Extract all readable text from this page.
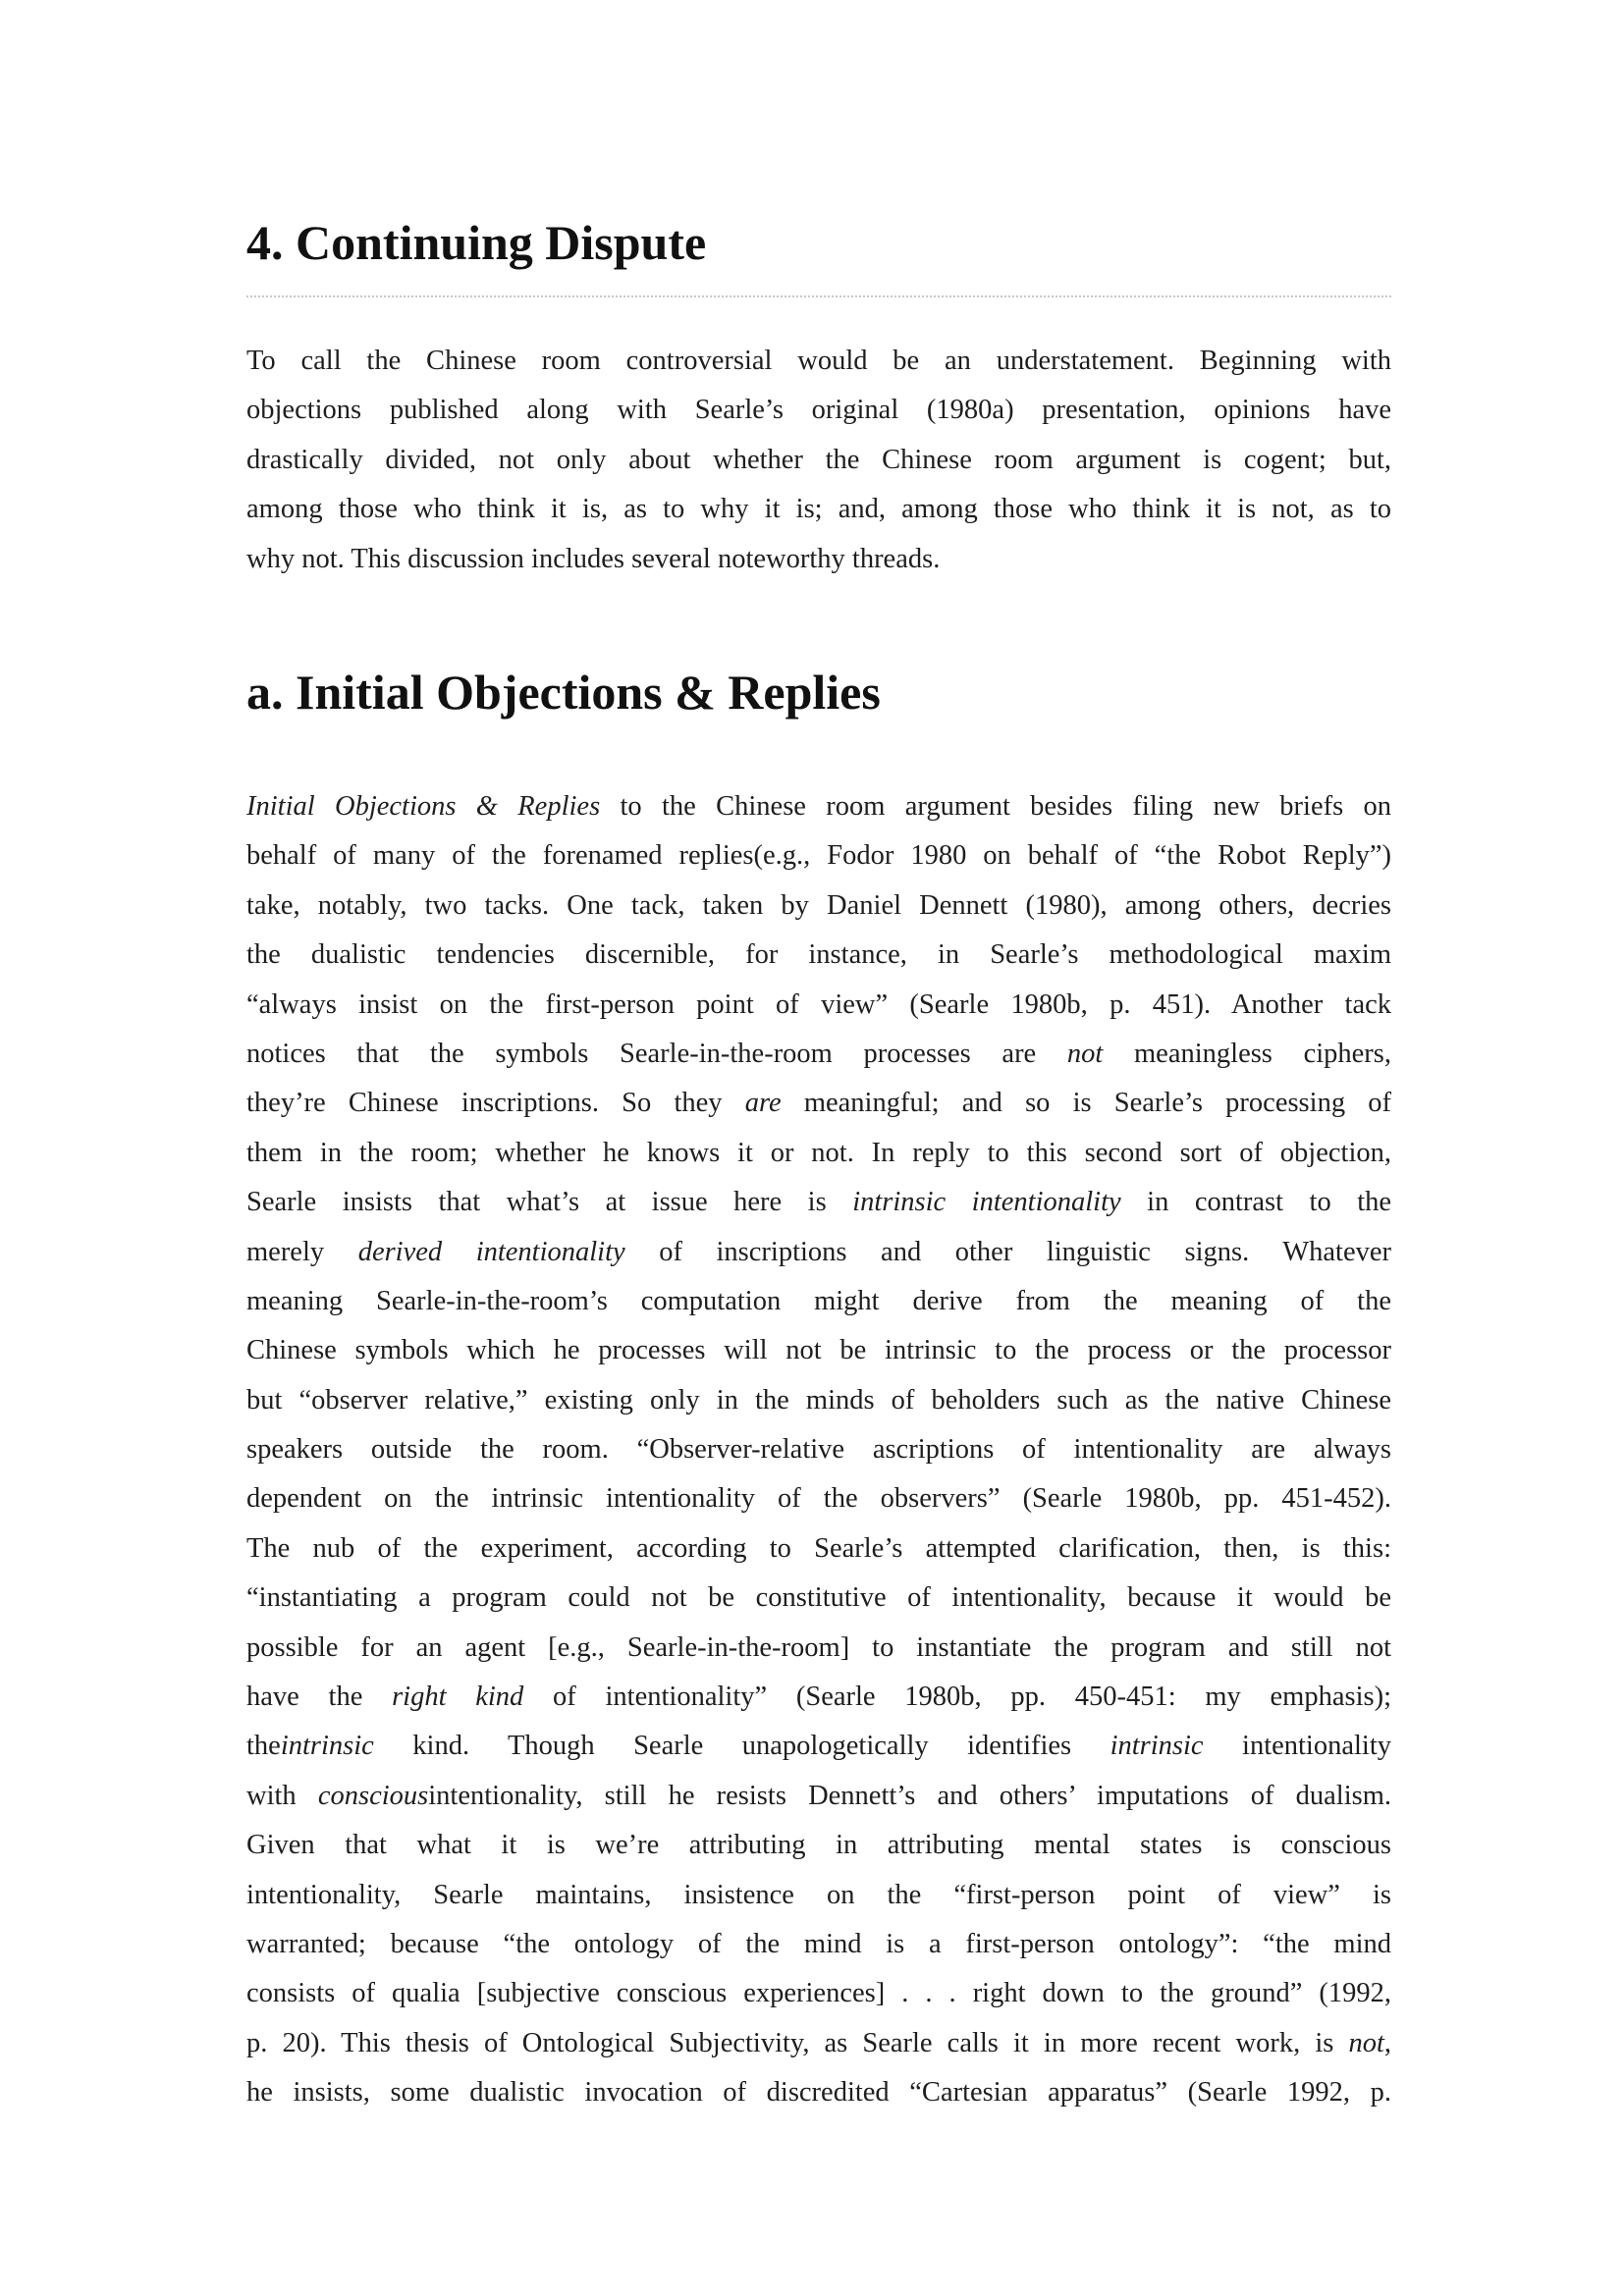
4. Continuing Dispute
To call the Chinese room controversial would be an understatement. Beginning with
objections published along with Searle’s original (1980a) presentation, opinions have
drastically divided, not only about whether the Chinese room argument is cogent; but,
among those who think it is, as to why it is; and, among those who think it is not, as to
why not. This discussion includes several noteworthy threads.
a. Initial Objections & Replies
Initial Objections & Replies to the Chinese room argument besides filing new briefs on
behalf of many of the forenamed replies(e.g., Fodor 1980 on behalf of “the Robot Reply”)
take, notably, two tacks. One tack, taken by Daniel Dennett (1980), among others, decries
the dualistic tendencies discernible, for instance, in Searle’s methodological maxim
“always insist on the first-person point of view” (Searle 1980b, p. 451). Another tack
notices that the symbols Searle-in-the-room processes are not meaningless ciphers,
they’re Chinese inscriptions. So they are meaningful; and so is Searle’s processing of
them in the room; whether he knows it or not. In reply to this second sort of objection,
Searle insists that what’s at issue here is intrinsic intentionality in contrast to the
merely derived intentionality of inscriptions and other linguistic signs. Whatever
meaning Searle-in-the-room’s computation might derive from the meaning of the
Chinese symbols which he processes will not be intrinsic to the process or the processor
but “observer relative,” existing only in the minds of beholders such as the native Chinese
speakers outside the room. “Observer-relative ascriptions of intentionality are always
dependent on the intrinsic intentionality of the observers” (Searle 1980b, pp. 451-452).
The nub of the experiment, according to Searle’s attempted clarification, then, is this:
“instantiating a program could not be constitutive of intentionality, because it would be
possible for an agent [e.g., Searle-in-the-room] to instantiate the program and still not
have the right kind of intentionality” (Searle 1980b, pp. 450-451: my emphasis);
theintrinsic kind. Though Searle unapologetically identifies intrinsic intentionality
with consciousintentionality, still he resists Dennett’s and others’ imputations of dualism.
Given that what it is we’re attributing in attributing mental states is conscious
intentionality, Searle maintains, insistence on the “first-person point of view” is
warranted; because “the ontology of the mind is a first-person ontology”: “the mind
consists of qualia [subjective conscious experiences] . . . right down to the ground” (1992,
p. 20). This thesis of Ontological Subjectivity, as Searle calls it in more recent work, is not,
he insists, some dualistic invocation of discredited “Cartesian apparatus” (Searle 1992, p.
